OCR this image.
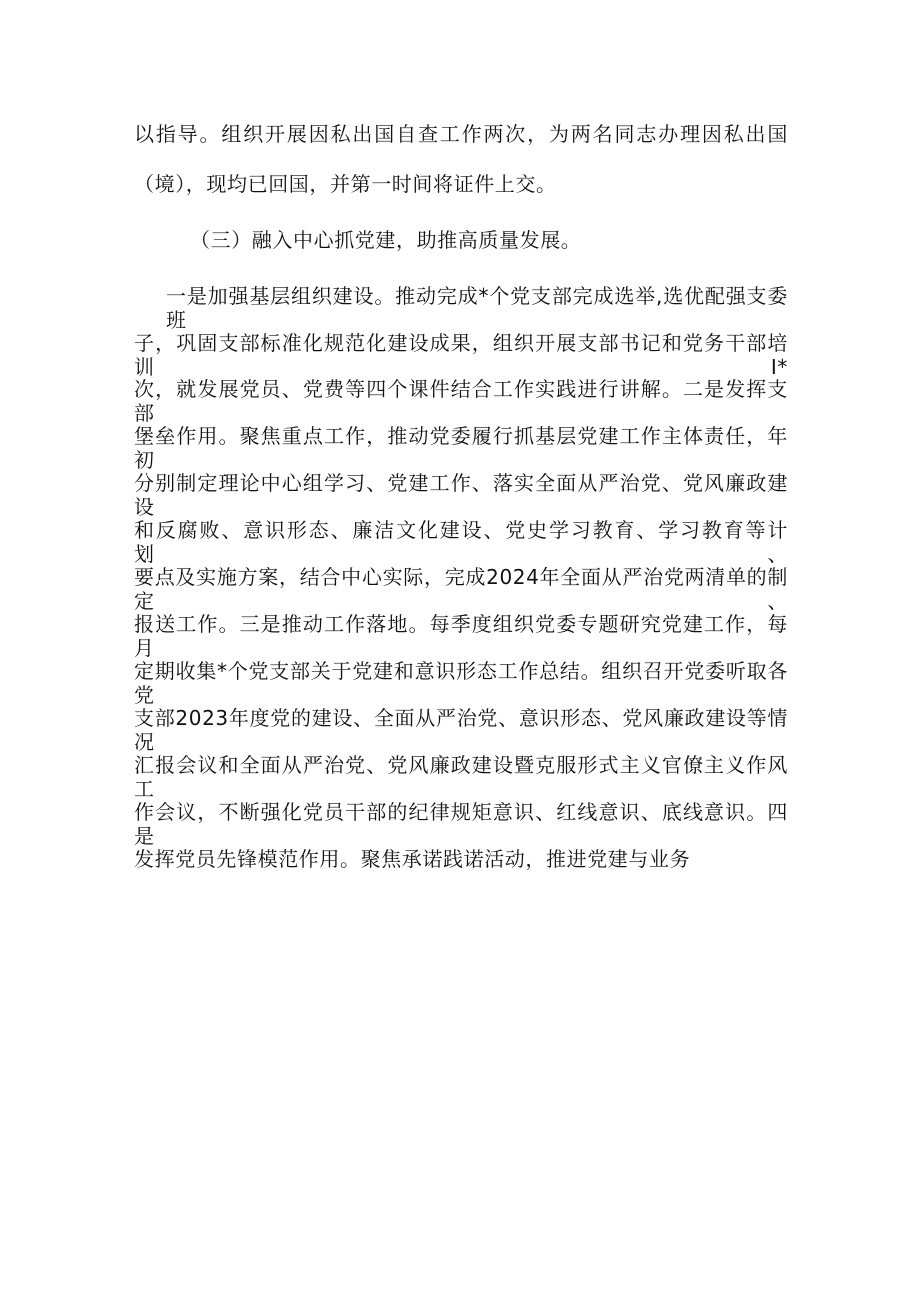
以指导。组织开展因私出国自查工作两次，为两名同志办理因私出国
（境），现均已回国，并第一时间将证件上交。
（三）融入中心抓党建，助推高质量发展。
一是加强基层组织建设。推动完成*个党支部完成选举,选优配强支委班
子，巩固支部标准化规范化建设成果，组织开展支部书记和党务干部培训I*
次，就发展党员、党费等四个课件结合工作实践进行讲解。二是发挥支部
堡垒作用。聚焦重点工作，推动党委履行抓基层党建工作主体责任，年初
分别制定理论中心组学习、党建工作、落实全面从严治党、党风廉政建设
和反腐败、意识形态、廉洁文化建设、党史学习教育、学习教育等计划、
要点及实施方案，结合中心实际，完成2024年全面从严治党两清单的制定、
报送工作。三是推动工作落地。每季度组织党委专题研究党建工作，每月
定期收集*个党支部关于党建和意识形态工作总结。组织召开党委听取各党
支部2023年度党的建设、全面从严治党、意识形态、党风廉政建设等情况
汇报会议和全面从严治党、党风廉政建设暨克服形式主义官僚主义作风工
作会议，不断强化党员干部的纪律规矩意识、红线意识、底线意识。四是
发挥党员先锋模范作用。聚焦承诺践诺活动，推进党建与业务
